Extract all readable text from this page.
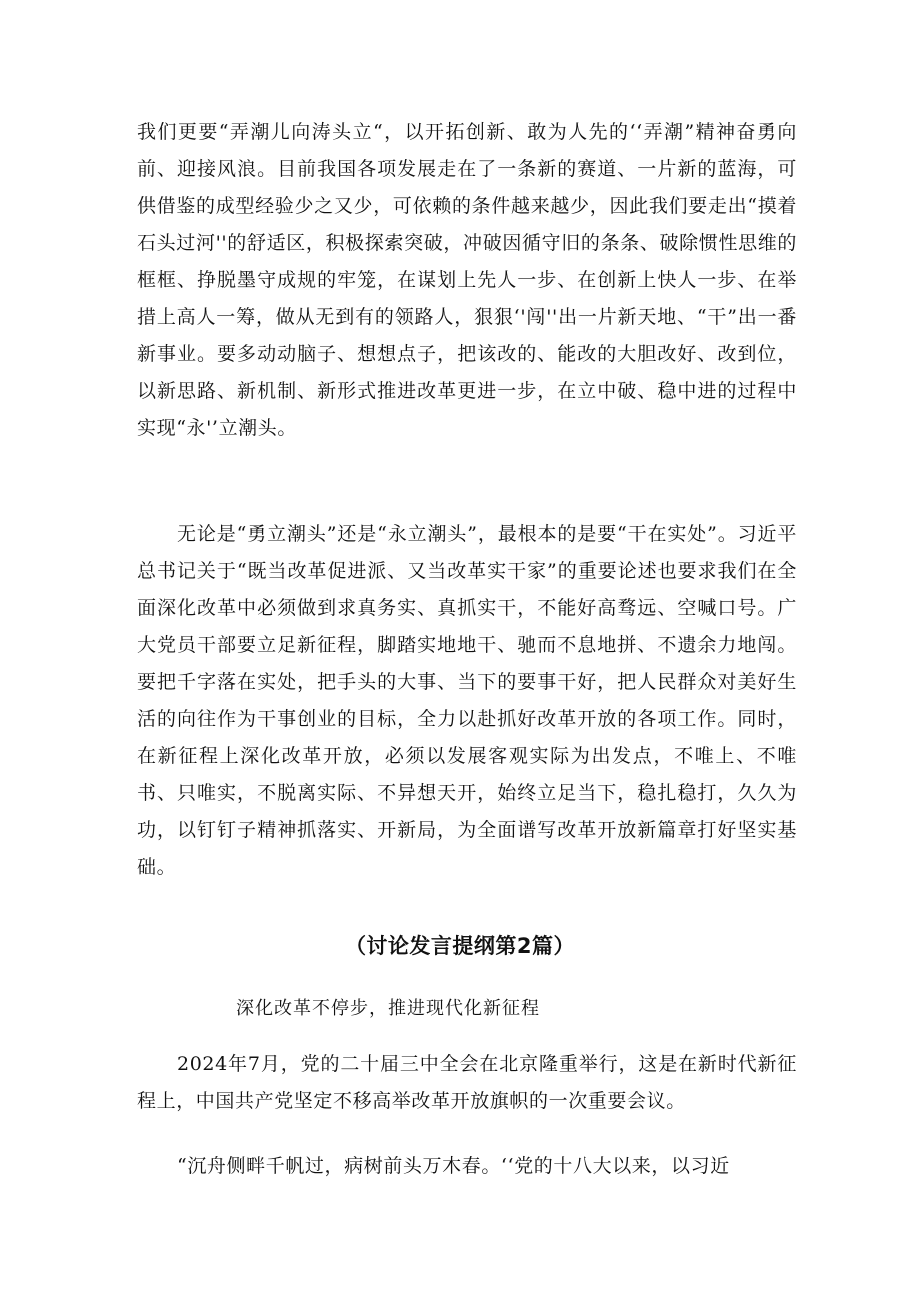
我们更要“弄潮儿向涛头立“，以开拓创新、敢为人先的‘‘弄潮”精神奋勇向前、迎接风浪。目前我国各项发展走在了一条新的赛道、一片新的蓝海，可供借鉴的成型经验少之又少，可依赖的条件越来越少，因此我们要走出“摸着石头过河''的舒适区，积极探索突破，冲破因循守旧的条条、破除惯性思维的框框、挣脱墨守成规的牢笼，在谋划上先人一步、在创新上快人一步、在举措上高人一筹，做从无到有的领路人，狠狠‘'闯''出一片新天地、“干”出一番新事业。要多动动脑子、想想点子，把该改的、能改的大胆改好、改到位，以新思路、新机制、新形式推进改革更进一步，在立中破、稳中进的过程中实现“永'’立潮头。

无论是“勇立潮头”还是“永立潮头”，最根本的是要“干在实处”。习近平总书记关于“既当改革促进派、又当改革实干家”的重要论述也要求我们在全面深化改革中必须做到求真务实、真抓实干，不能好高骛远、空喊口号。广大党员干部要立足新征程，脚踏实地地干、驰而不息地拼、不遗余力地闯。要把千字落在实处，把手头的大事、当下的要事干好，把人民群众对美好生活的向往作为干事创业的目标，全力以赴抓好改革开放的各项工作。同时，在新征程上深化改革开放，必须以发展客观实际为出发点，不唯上、不唯书、只唯实，不脱离实际、不异想天开，始终立足当下，稳扎稳打，久久为功，以钉钉子精神抓落实、开新局，为全面谱写改革开放新篇章打好坚实基础。

（讨论发言提纲第2篇）

深化改革不停步，推进现代化新征程

2024年7月，党的二十届三中全会在北京隆重举行，这是在新时代新征程上，中国共产党坚定不移高举改革开放旗帜的一次重要会议。

“沉舟侧畔千帆过，病树前头万木春。‘‘党的十八大以来，以习近
